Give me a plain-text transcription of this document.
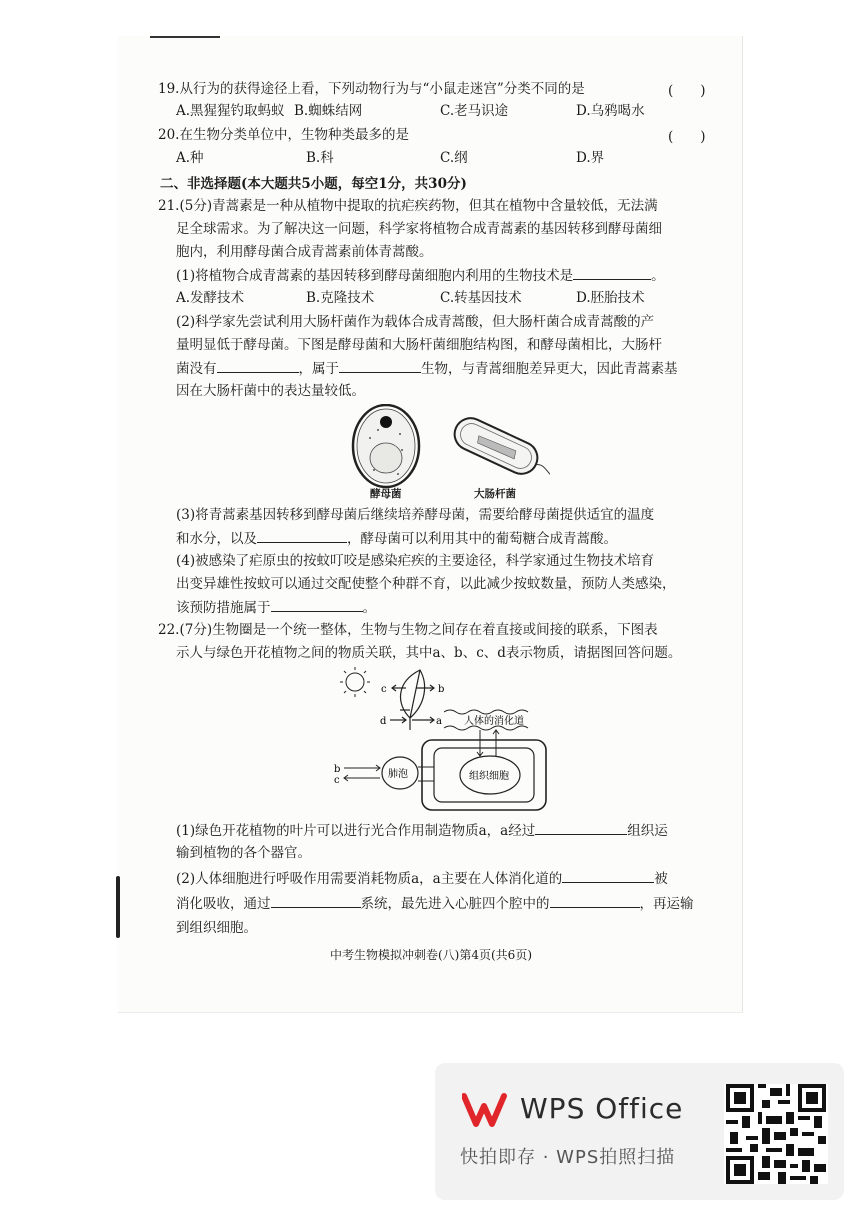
19.从行为的获得途径上看，下列动物行为与“小鼠走迷宫”分类不同的是	(　　)
A.黑猩猩钓取蚂蚁 B.蜘蛛结网	C.老马识途	D.乌鸦喝水
20.在生物分类单位中，生物种类最多的是	(　　)
A.种	B.科	C.纲	D.界
二、非选择题(本大题共5小题，每空1分，共30分)
21.(5分)青蒿素是一种从植物中提取的抗疟疾药物，但其在植物中含量较低，无法满
足全球需求。为了解决这一问题，科学家将植物合成青蒿素的基因转移到酵母菌细
胞内，利用酵母菌合成青蒿素前体青蒿酸。
(1)将植物合成青蒿素的基因转移到酵母菌细胞内利用的生物技术是	。
A.发酵技术	B.克隆技术	C.转基因技术	D.胚胎技术
(2)科学家先尝试利用大肠杆菌作为载体合成青蒿酸，但大肠杆菌合成青蒿酸的产
量明显低于酵母菌。下图是酵母菌和大肠杆菌细胞结构图，和酵母菌相比，大肠杆
菌没有	，属于	生物，与青蒿细胞差异更大，因此青蒿素基
因在大肠杆菌中的表达量较低。
酵母菌	大肠杆菌
(3)将青蒿素基因转移到酵母菌后继续培养酵母菌，需要给酵母菌提供适宜的温度
和水分，以及	，酵母菌可以利用其中的葡萄糖合成青蒿酸。
(4)被感染了疟原虫的按蚊叮咬是感染疟疾的主要途径，科学家通过生物技术培育
出变异雄性按蚊可以通过交配使整个种群不育，以此减少按蚊数量，预防人类感染，
该预防措施属于	。
22.(7分)生物圈是一个统一整体，生物与生物之间存在着直接或间接的联系，下图表
示人与绿色开花植物之间的物质关联，其中a、b、c、d表示物质，请据图回答问题。
c	b
d	a 人体的消化道
b
c
肺泡	组织细胞
(1)绿色开花植物的叶片可以进行光合作用制造物质a，a经过	组织运
输到植物的各个器官。
(2)人体细胞进行呼吸作用需要消耗物质a，a主要在人体消化道的	被
消化吸收，通过	系统，最先进入心脏四个腔中的	，再运输
到组织细胞。
中考生物模拟冲刺卷(八)第4页(共6页)
WPS Office
快拍即存 · WPS拍照扫描
